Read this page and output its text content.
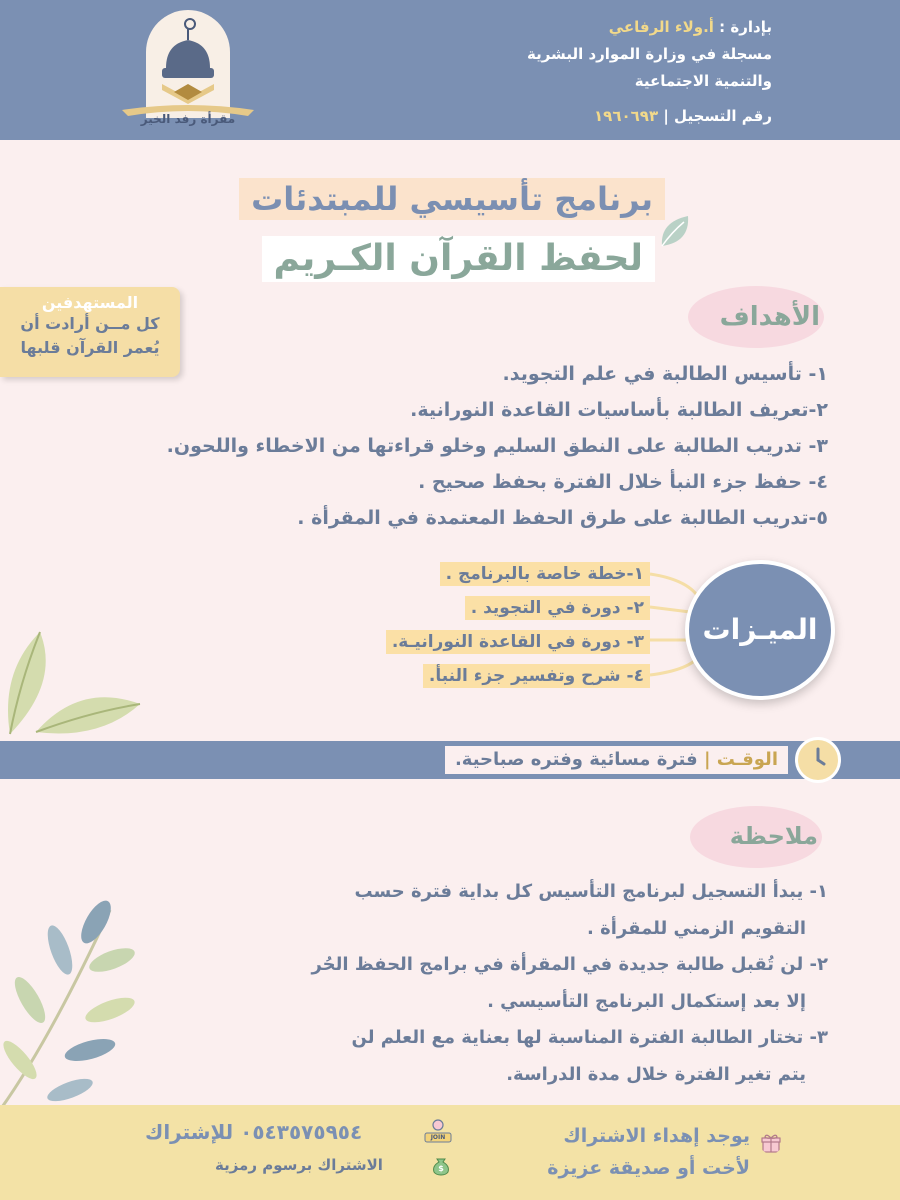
مقرأة رفد الخير
بإدارة : أ.ولاء الرفاعي
مسجلة في وزارة الموارد البشرية
والتنمية الاجتماعية
رقم التسجيل | ١٩٦٠٦٩٣
برنامج تأسيسي للمبتدئات
لحفظ القرآن الكـريم
المستهدفين
كل مــن أرادت أن
يُعمر القرآن قلبها
الأهداف
١- تأسيس الطالبة في علم التجويد.
٢-تعريف الطالبة بأساسيات القاعدة النورانية.
٣- تدريب الطالبة على النطق السليم وخلو قراءتها من الاخطاء واللحون.
٤- حفظ جزء النبأ خلال الفترة بحفظ صحيح .
٥-تدريب الطالبة على طرق الحفظ المعتمدة في المقرأة .
١-خطة خاصة بالبرنامج .
٢- دورة في التجويد .
٣- دورة في القاعدة النورانيـة.
٤- شرح وتفسير جزء النبأ.
الميـزات
الوقـت | فترة مسائية وفتره صباحية.
ملاحظة

١- يبدأ التسجيل لبرنامج التأسيس كل بداية فترة حسب

التقويم الزمني للمقرأة .

٢- لن تُقبل طالبة جديدة في المقرأة في برامج الحفظ الحُر

إلا بعد إستكمال البرنامج التأسيسي .

٣- تختار الطالبة الفترة المناسبة لها بعناية مع العلم لن

يتم تغير الفترة خلال مدة الدراسة.

يوجد إهداء الاشتراك
لأخت أو صديقة عزيزة
٠٥٤٣٥٧٥٩٥٤ للإشتراك	JOIN
الاشتراك برسوم رمزية	$
